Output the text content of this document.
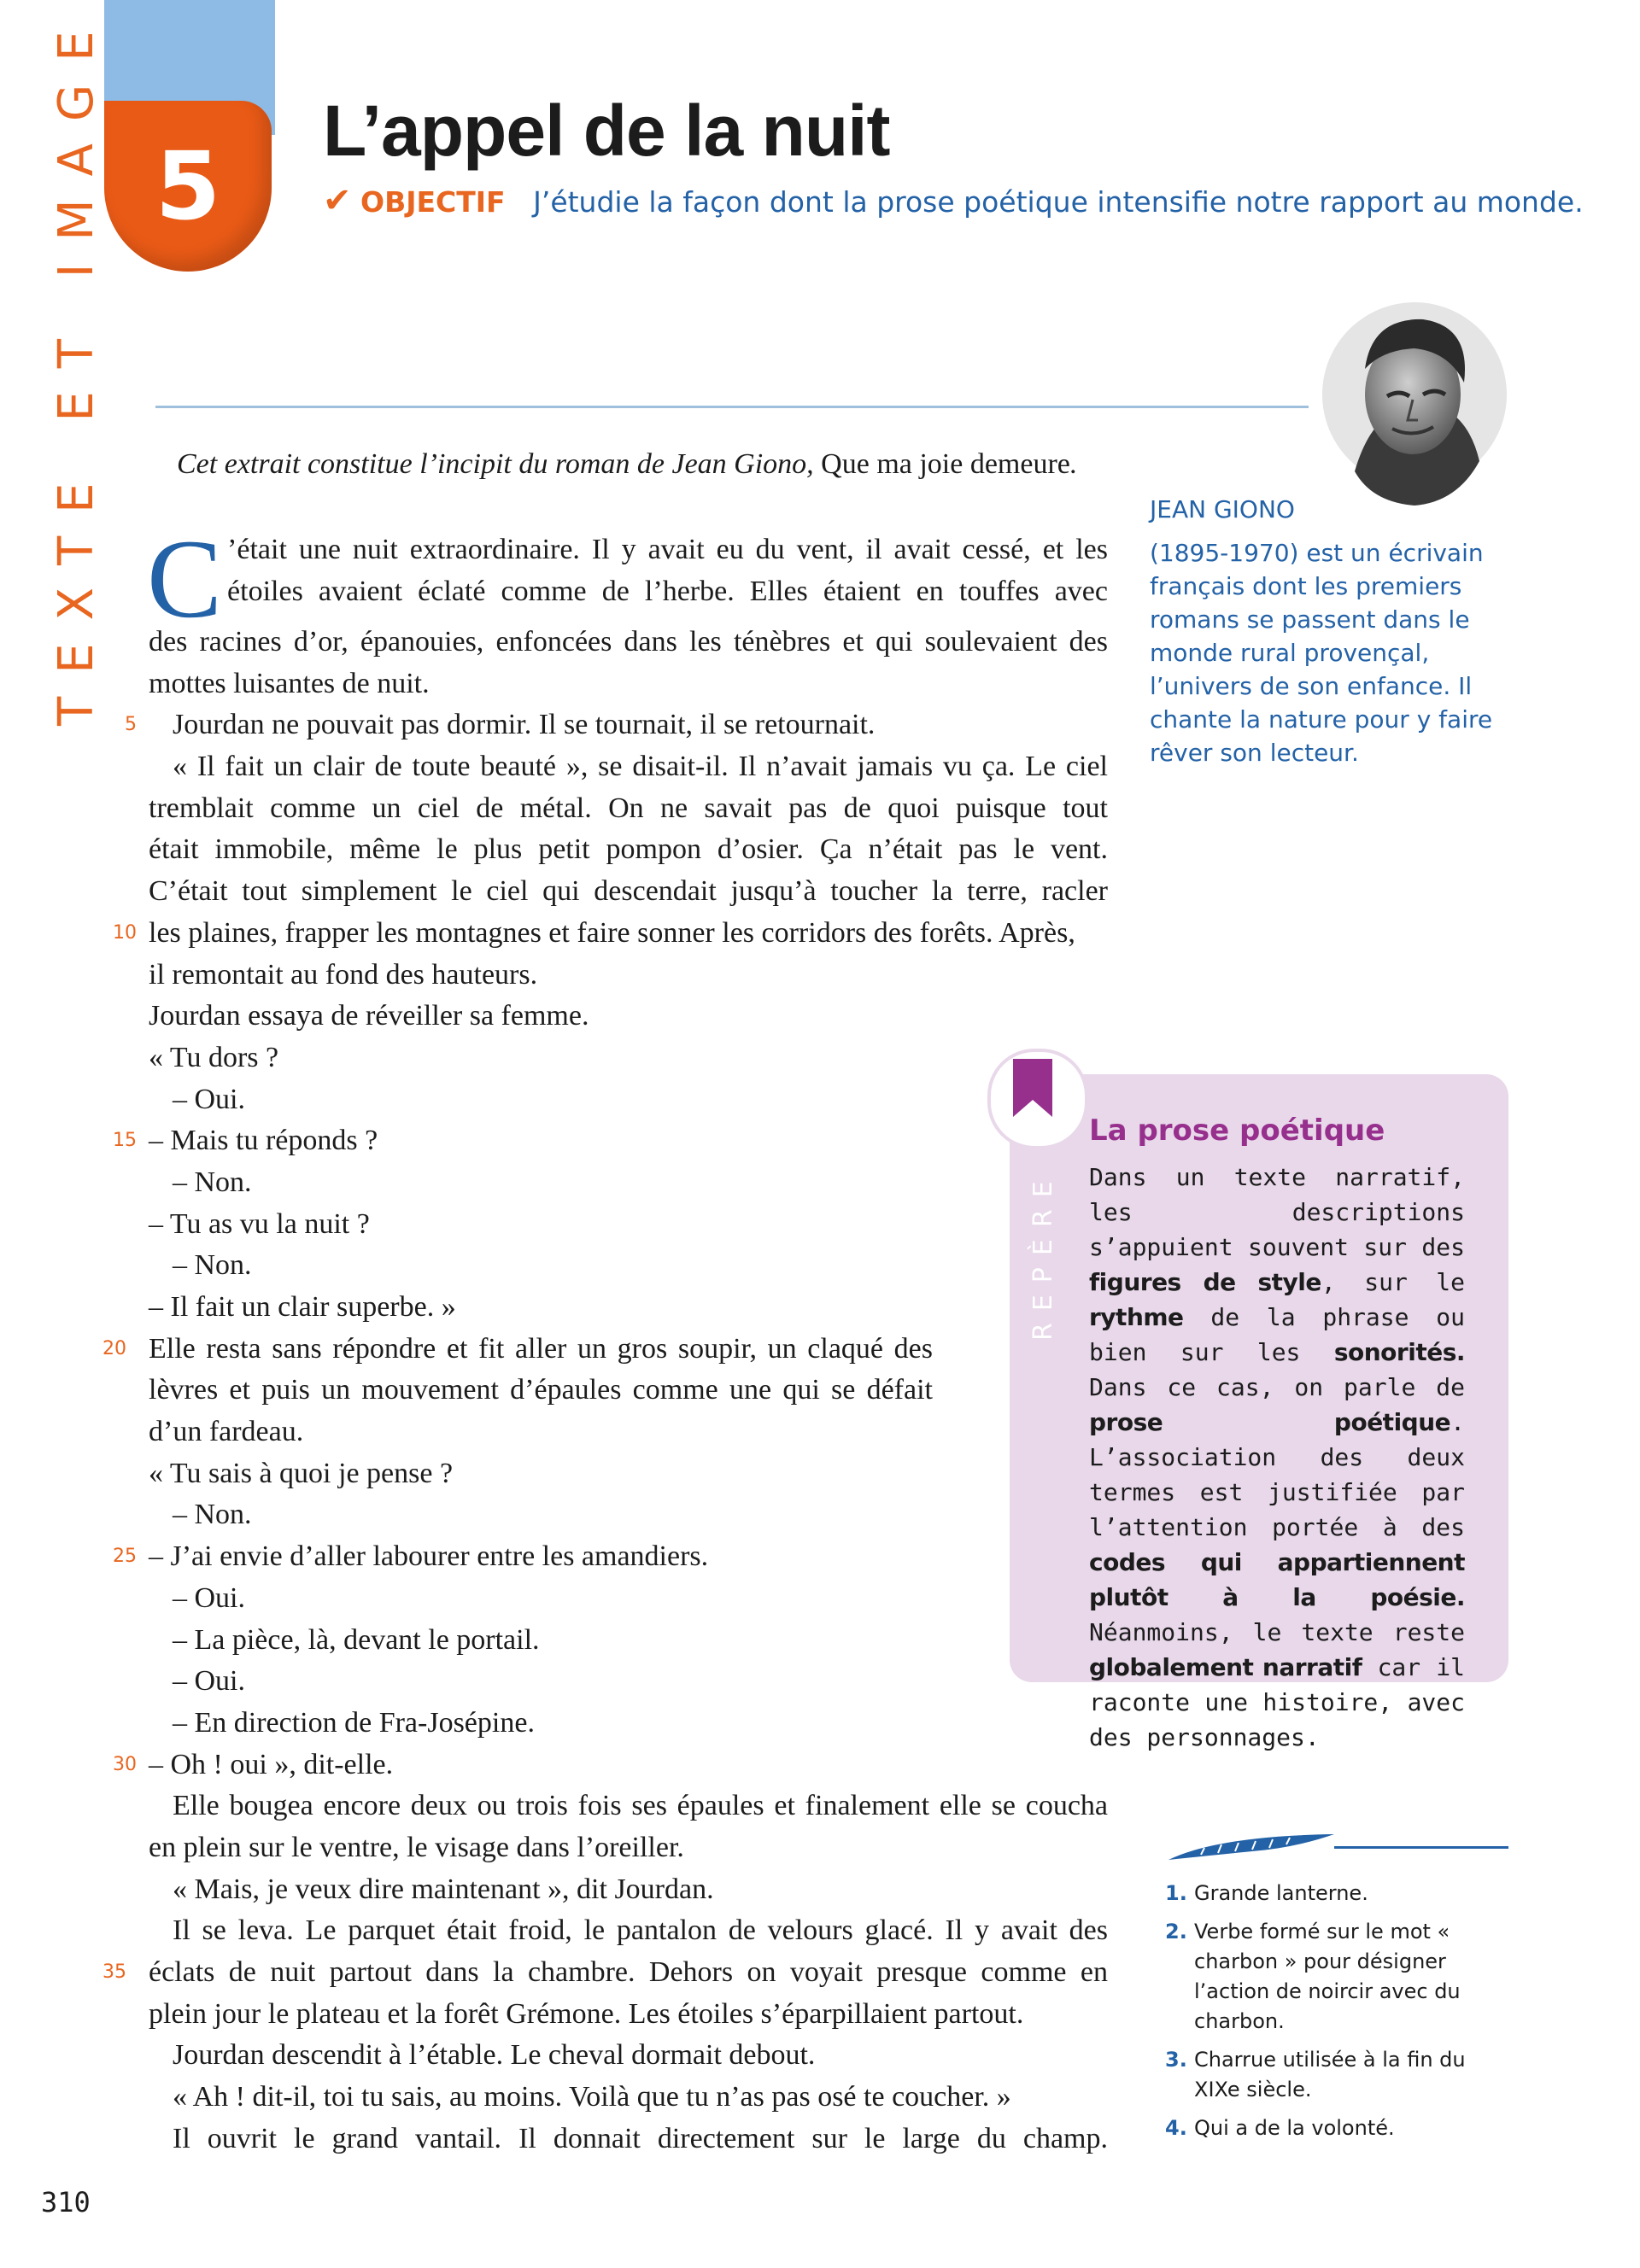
TEXTE ET IMAGE 5
L’appel de la nuit
✔ OBJECTIF J’étudie la façon dont la prose poétique intensifie notre rapport au monde.
JEAN GIONO

(1895-1970) est un écrivain français dont les premiers romans se passent dans le monde rural provençal, l’univers de son enfance. Il chante la nature pour y faire rêver son lecteur.

Cet extrait constitue l’incipit du roman de Jean Giono, Que ma joie demeure.
C ’était une nuit extraordinaire. Il y avait eu du vent, il avait cessé, et les
étoiles avaient éclaté comme de l’herbe. Elles étaient en touffes avec
des racines d’or, épanouies, enfoncées dans les ténèbres et qui soulevaient des
mottes luisantes de nuit.
5 Jourdan ne pouvait pas dormir. Il se tournait, il se retournait.
« Il fait un clair de toute beauté », se disait-il. Il n’avait jamais vu ça. Le ciel
tremblait comme un ciel de métal. On ne savait pas de quoi puisque tout
était immobile, même le plus petit pompon d’osier. Ça n’était pas le vent.
C’était tout simplement le ciel qui descendait jusqu’à toucher la terre, racler
10 les plaines, frapper les montagnes et faire sonner les corridors des forêts. Après,
il remontait au fond des hauteurs.
Jourdan essaya de réveiller sa femme.
« Tu dors ?
– Oui.
15 – Mais tu réponds ?
– Non.
– Tu as vu la nuit ?
– Non.
– Il fait un clair superbe. »
20 Elle resta sans répondre et fit aller un gros soupir, un claqué des
lèvres et puis un mouvement d’épaules comme une qui se défait
d’un fardeau.
« Tu sais à quoi je pense ?
– Non.
25 – J’ai envie d’aller labourer entre les amandiers.
– Oui.
– La pièce, là, devant le portail.
– Oui.
– En direction de Fra-Josépine.
30 – Oh ! oui », dit-elle.
Elle bougea encore deux ou trois fois ses épaules et finalement elle se coucha
en plein sur le ventre, le visage dans l’oreiller.
« Mais, je veux dire maintenant », dit Jourdan.
Il se leva. Le parquet était froid, le pantalon de velours glacé. Il y avait des
35 éclats de nuit partout dans la chambre. Dehors on voyait presque comme en
plein jour le plateau et la forêt Grémone. Les étoiles s’éparpillaient partout.
Jourdan descendit à l’étable. Le cheval dormait debout.
« Ah ! dit-il, toi tu sais, au moins. Voilà que tu n’as pas osé te coucher. »
Il ouvrit le grand vantail. Il donnait directement sur le large du champ.
REPÈRE
La prose poétique

Dans un texte narratif, les descriptions s’appuient souvent sur des figures de style, sur le rythme de la phrase ou bien sur les sonorités. Dans ce cas, on parle de prose poétique. L’association des deux termes est justifiée par l’attention portée à des codes qui appartiennent plutôt à la poésie. Néanmoins, le texte reste globalement narratif car il raconte une histoire, avec des personnages.

1. Grande lanterne.
2. Verbe formé sur le mot « charbon » pour désigner l’action de noircir avec du charbon.
3. Charrue utilisée à la fin du XIXe siècle.
4. Qui a de la volonté.
310
